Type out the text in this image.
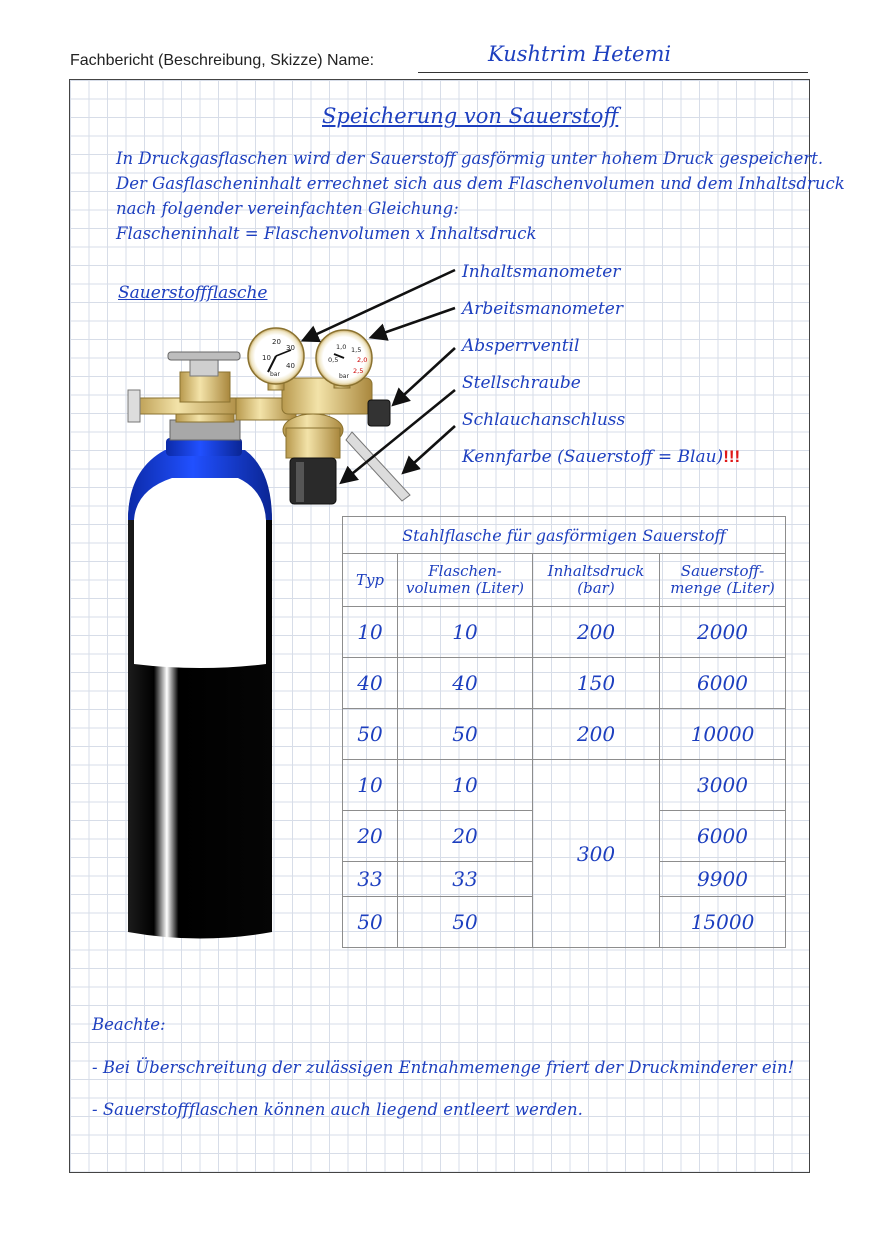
Fachbericht (Beschreibung, Skizze) Name:	Kushtrim Hetemi
Speicherung von Sauerstoff
In Druckgasflaschen wird der Sauerstoff gasförmig unter hohem Druck gespeichert.
Der Gasflascheninhalt errechnet sich aus dem Flaschenvolumen und dem Inhaltsdruck
nach folgender vereinfachten Gleichung:
Flascheninhalt = Flaschenvolumen x Inhaltsdruck
Sauerstoffflasche
10
20
30
40
0,5
1,0 1,5
2,0
2,5
bar	bar
Inhaltsmanometer
Arbeitsmanometer
Absperrventil
Stellschraube
Schlauchanschluss
Kennfarbe (Sauerstoff = Blau)!!!
Stahlflasche für gasförmigen Sauerstoff			
Typ	Flaschen-volumen (Liter)	Inhaltsdruck (bar)	Sauerstoff-menge (Liter)
10	10	200	2000
40	40	150	6000
50	50	200	10000
10	10	300	3000
20	20		6000
33	33		9900
50	50		15000
Beachte:
- Bei Überschreitung der zulässigen Entnahmemenge friert der Druckminderer ein!
- Sauerstoffflaschen können auch liegend entleert werden.
